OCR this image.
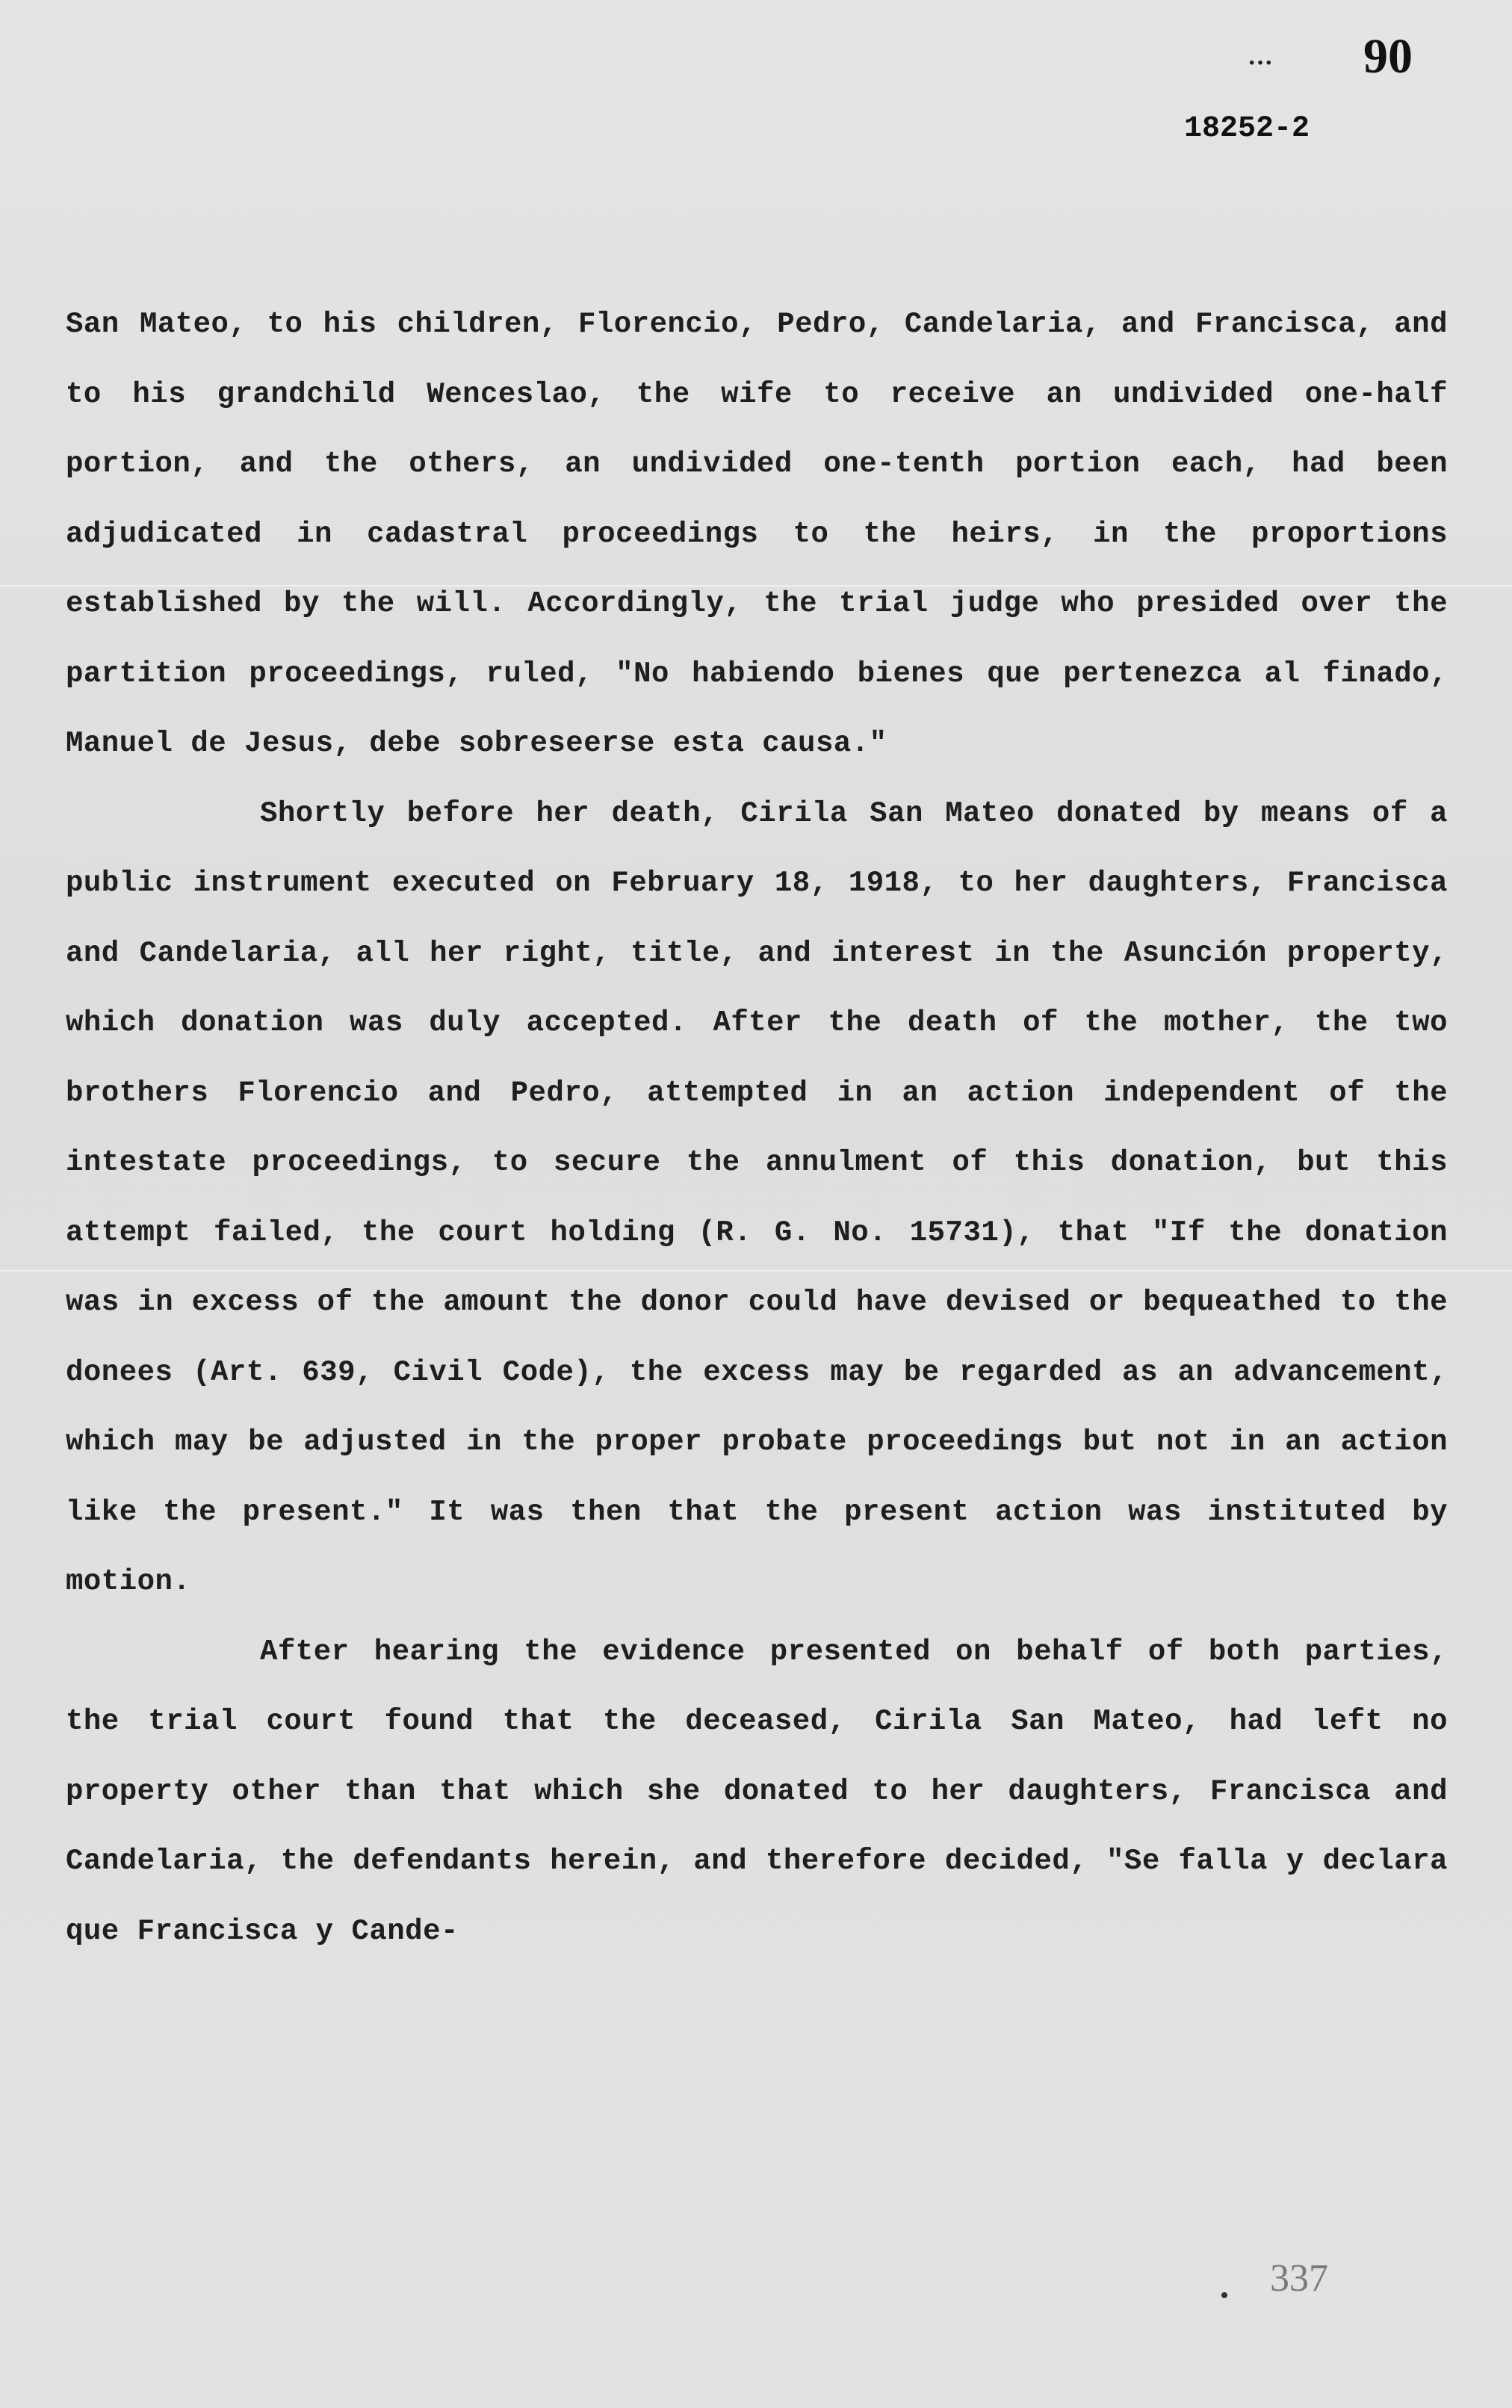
··· 90
18252-2

San Mateo, to his children, Florencio, Pedro, Candelaria, and Francisca, and to his grandchild Wenceslao, the wife to receive an undivided one-half portion, and the others, an undivided one-tenth portion each, had been adjudicated in cadastral proceedings to the heirs, in the proportions established by the will. Accordingly, the trial judge who presided over the partition proceedings, ruled, "No habiendo bienes que pertenezca al finado, Manuel de Jesus, debe sobreseerse esta causa."

Shortly before her death, Cirila San Mateo donated by means of a public instrument executed on February 18, 1918, to her daughters, Francisca and Candelaria, all her right, title, and interest in the Asunción property, which donation was duly accepted. After the death of the mother, the two brothers Florencio and Pedro, attempted in an action independent of the intestate proceedings, to secure the annulment of this donation, but this attempt failed, the court holding (R. G. No. 15731), that "If the donation was in excess of the amount the donor could have devised or bequeathed to the donees (Art. 639, Civil Code), the excess may be regarded as an advancement, which may be adjusted in the proper probate proceedings but not in an action like the present." It was then that the present action was instituted by motion.

After hearing the evidence presented on behalf of both parties, the trial court found that the deceased, Cirila San Mateo, had left no property other than that which she donated to her daughters, Francisca and Candelaria, the defendants herein, and therefore decided, "Se falla y declara que Francisca y Cande-

• 337
